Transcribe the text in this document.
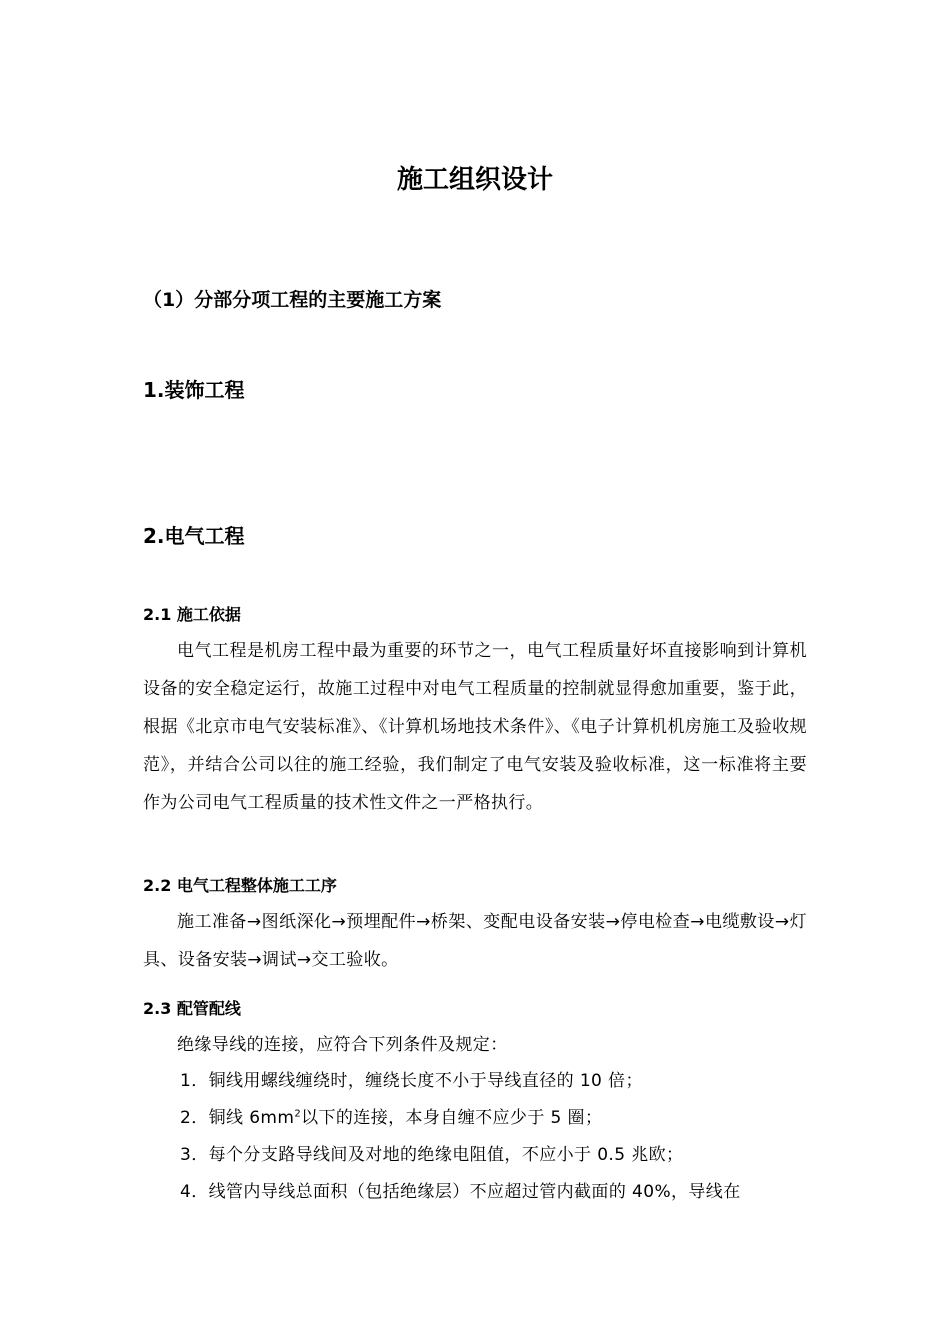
施工组织设计
（1）分部分项工程的主要施工方案
1.装饰工程
2.电气工程
2.1 施工依据

电气工程是机房工程中最为重要的环节之一，电气工程质量好坏直接影响到计算机设备的安全稳定运行，故施工过程中对电气工程质量的控制就显得愈加重要，鉴于此，根据《北京市电气安装标准》、《计算机场地技术条件》、《电子计算机机房施工及验收规范》，并结合公司以往的施工经验，我们制定了电气安装及验收标准，这一标准将主要作为公司电气工程质量的技术性文件之一严格执行。

2.2 电气工程整体施工工序

施工准备→图纸深化→预埋配件→桥架、变配电设备安装→停电检查→电缆敷设→灯具、设备安装→调试→交工验收。

2.3 配管配线

绝缘导线的连接，应符合下列条件及规定：

1．铜线用螺线缠绕时，缠绕长度不小于导线直径的 10 倍；
2．铜线 $6mm^2$以下的连接，本身自缠不应少于 5 圈；
3．每个分支路导线间及对地的绝缘电阻值，不应小于 0.5 兆欧；
4．线管内导线总面积（包括绝缘层）不应超过管内截面的 40%，导线在
